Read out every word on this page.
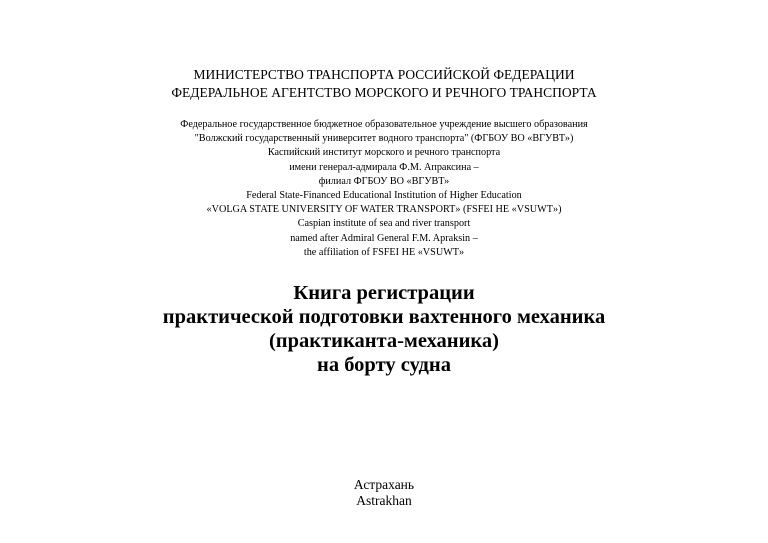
МИНИСТЕРСТВО ТРАНСПОРТА РОССИЙСКОЙ ФЕДЕРАЦИИ
ФЕДЕРАЛЬНОЕ АГЕНТСТВО МОРСКОГО И РЕЧНОГО ТРАНСПОРТА
Федеральное государственное бюджетное образовательное учреждение высшего образования
"Волжский государственный университет водного транспорта" (ФГБОУ ВО «ВГУВТ»)
Каспийский институт морского и речного транспорта
имени генерал-адмирала Ф.М. Апраксина –
филиал ФГБОУ ВО «ВГУВТ»
Federal State-Financed Educational Institution of Higher Education
«VOLGA STATE UNIVERSITY OF WATER TRANSPORT» (FSFEI HE «VSUWT»)
Caspian institute of sea and river transport
named after Admiral General F.M. Apraksin –
the affiliation of FSFEI HE «VSUWT»
Книга регистрации
практической подготовки вахтенного механика
(практиканта-механика)
на борту судна
Астрахань
Astrakhan
